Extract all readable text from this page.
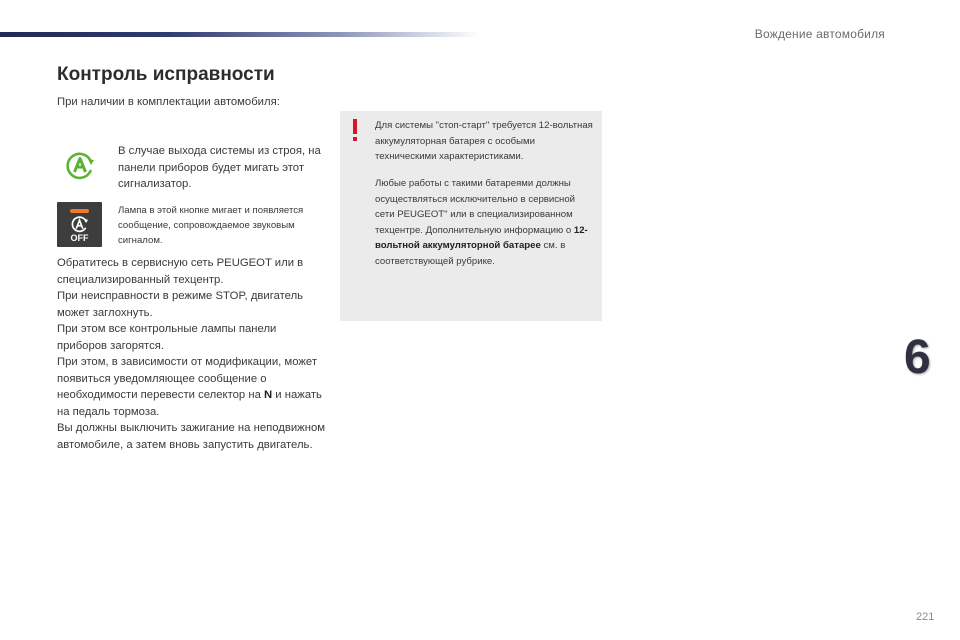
Вождение автомобиля
Контроль исправности
При наличии в комплектации автомобиля:
В случае выхода системы из строя, на панели приборов будет мигать этот сигнализатор.
OFF
Лампа в этой кнопке мигает и появляется сообщение, сопровождаемое звуковым сигналом.

Обратитесь в сервисную сеть PEUGEOT или в специализированный техцентр.

При неисправности в режиме STOP, двигатель может заглохнуть.

При этом все контрольные лампы панели приборов загорятся.

При этом, в зависимости от модификации, может появиться уведомляющее сообщение о необходимости перевести селектор на N и нажать на педаль тормоза.

Вы должны выключить зажигание на неподвижном автомобиле, а затем вновь запустить двигатель.

Для системы "стоп-старт" требуется 12-вольтная аккумуляторная батарея с особыми техническими характеристиками.
Любые работы с такими батареями должны осуществляться исключительно в сервисной сети PEUGEOT" или в специализированном техцентре. Дополнительную информацию о 12-вольтной аккумуляторной батарее см. в соответствующей рубрике.
6
221
